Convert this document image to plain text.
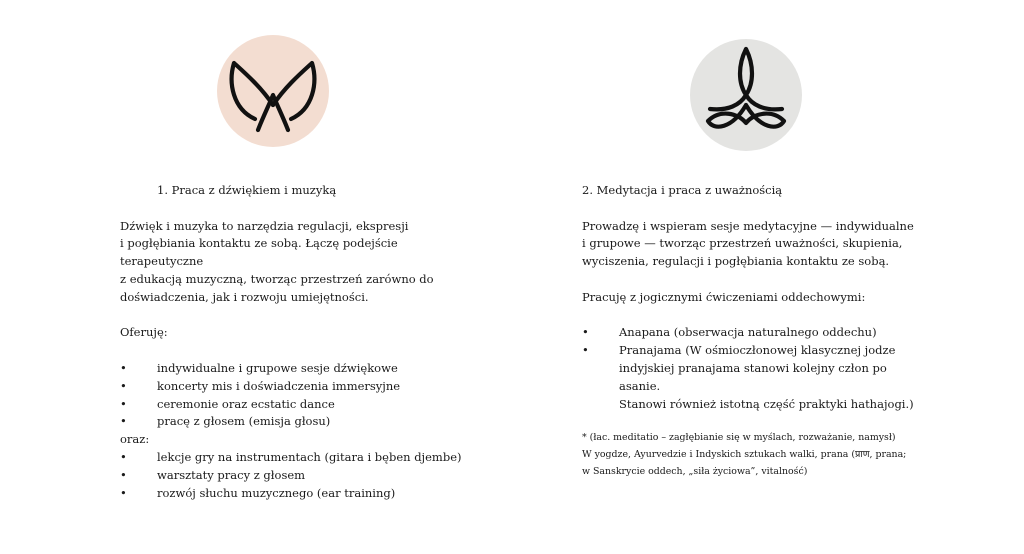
1. Praca z dźwiękiem i muzyką

Dźwięk i muzyka to narzędzia regulacji, ekspresji

i pogłębiania kontaktu ze sobą. Łączę podejście terapeutyczne

z edukacją muzyczną, tworząc przestrzeń zarówno do

doświadczenia, jak i rozwoju umiejętności.

Oferuję:

• indywidualne i grupowe sesje dźwiękowe
• koncerty mis i doświadczenia immersyjne
• ceremonie oraz ecstatic dance
• pracę z głosem (emisja głosu)

oraz:

• lekcje gry na instrumentach (gitara i bęben djembe)
• warsztaty pracy z głosem
• rozwój słuchu muzycznego (ear training)

2. Medytacja i praca z uważnością

Prowadzę i wspieram sesje medytacyjne — indywidualne

i grupowe — tworząc przestrzeń uważności, skupienia,

wyciszenia, regulacji i pogłębiania kontaktu ze sobą.

Pracuję z jogicznymi ćwiczeniami oddechowymi:

• Anapana (obserwacja naturalnego oddechu)
• Pranajama (W ośmioczłonowej klasycznej jodze
indyjskiej pranajama stanowi kolejny człon po asanie.
Stanowi również istotną część praktyki hathajogi.)

* (łac. meditatio – zagłębianie się w myślach, rozważanie, namysł)

W yogdze, Ayurvedzie i Indyskich sztukach walki, prana (प्राण, prana;

w Sanskrycie oddech, „siła życiowa”, vitalność)
